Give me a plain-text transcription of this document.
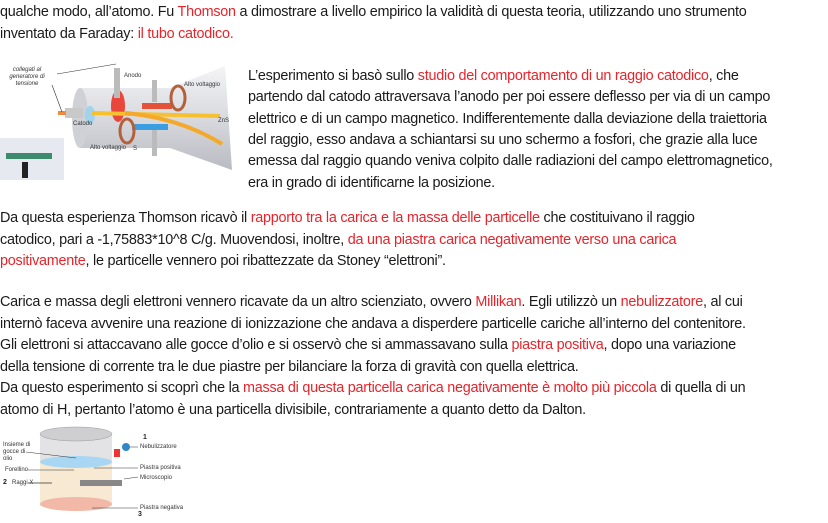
qualche modo, all’atomo. Fu Thomson a dimostrare a livello empirico la validità di questa teoria, utilizzando uno strumento
inventato da Faraday: il tubo catodico.
L’esperimento si basò sullo studio del comportamento di un raggio catodico, che
partendo dal catodo attraversava l’anodo per poi essere deflesso per via di un campo
elettrico e di un campo magnetico. Indifferentemente dalla deviazione della traiettoria
del raggio, esso andava a schiantarsi su uno schermo a fosfori, che grazie alla luce
emessa dal raggio quando veniva colpito dalle radiazioni del campo elettromagnetico,
era in grado di identificarne la posizione.
Da questa esperienza Thomson ricavò il rapporto tra la carica e la massa delle particelle che costituivano il raggio
catodico, pari a -1,75883*10^8 C/g. Muovendosi, inoltre, da una piastra carica negativamente verso una carica
positivamente, le particelle vennero poi ribattezzate da Stoney “elettroni”.
Carica e massa degli elettroni vennero ricavate da un altro scienziato, ovvero Millikan. Egli utilizzò un nebulizzatore, al cui
internò faceva avvenire una reazione di ionizzazione che andava a disperdere particelle cariche all’interno del contenitore.
Gli elettroni si attaccavano alle gocce d’olio e si osservò che si ammassavano sulla piastra positiva, dopo una variazione
della tensione di corrente tra le due piastre per bilanciare la forza di gravità con quella elettrica.
Da questo esperimento si scoprì che la massa di questa particella carica negativamente è molto più piccola di quella di un
atomo di H, pertanto l’atomo è una particella divisibile, contrariamente a quanto detto da Dalton.
collegati al generatore di tensione
Anodo
Catodo
Alto voltaggio
Alto voltaggio
ZnS
S
Insieme di gocce di olio
Forellino
Raggi X
Nebulizzatore
Piastra positiva
Microscopio
Piastra negativa
1
2
3
